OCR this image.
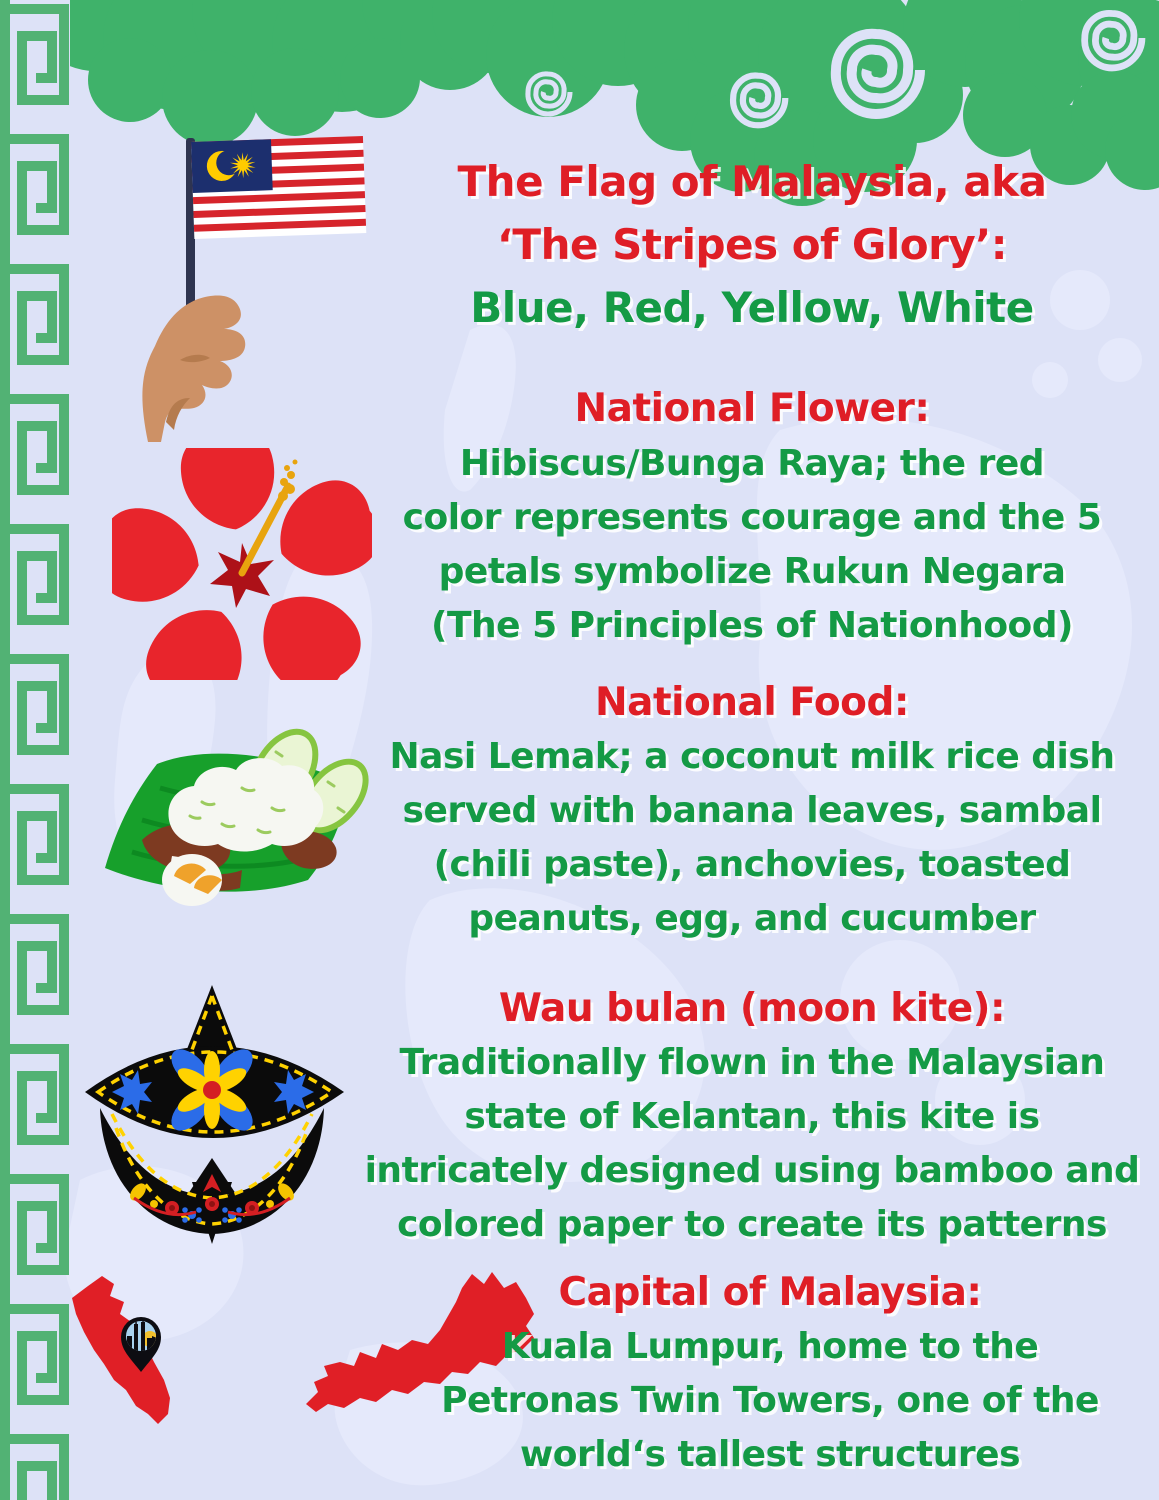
The Flag of Malaysia, aka
‘The Stripes of Glory’:
Blue, Red, Yellow, White
National Flower:
Hibiscus/Bunga Raya; the red
color represents courage and the 5
petals symbolize Rukun Negara
(The 5 Principles of Nationhood)
National Food:
Nasi Lemak; a coconut milk rice dish
served with banana leaves, sambal
(chili paste), anchovies, toasted
peanuts, egg, and cucumber
Wau bulan (moon kite):
Traditionally flown in the Malaysian
state of Kelantan, this kite is
intricately designed using bamboo and
colored paper to create its patterns
Capital of Malaysia:
Kuala Lumpur, home to the
Petronas Twin Towers, one of the
world‘s tallest structures
